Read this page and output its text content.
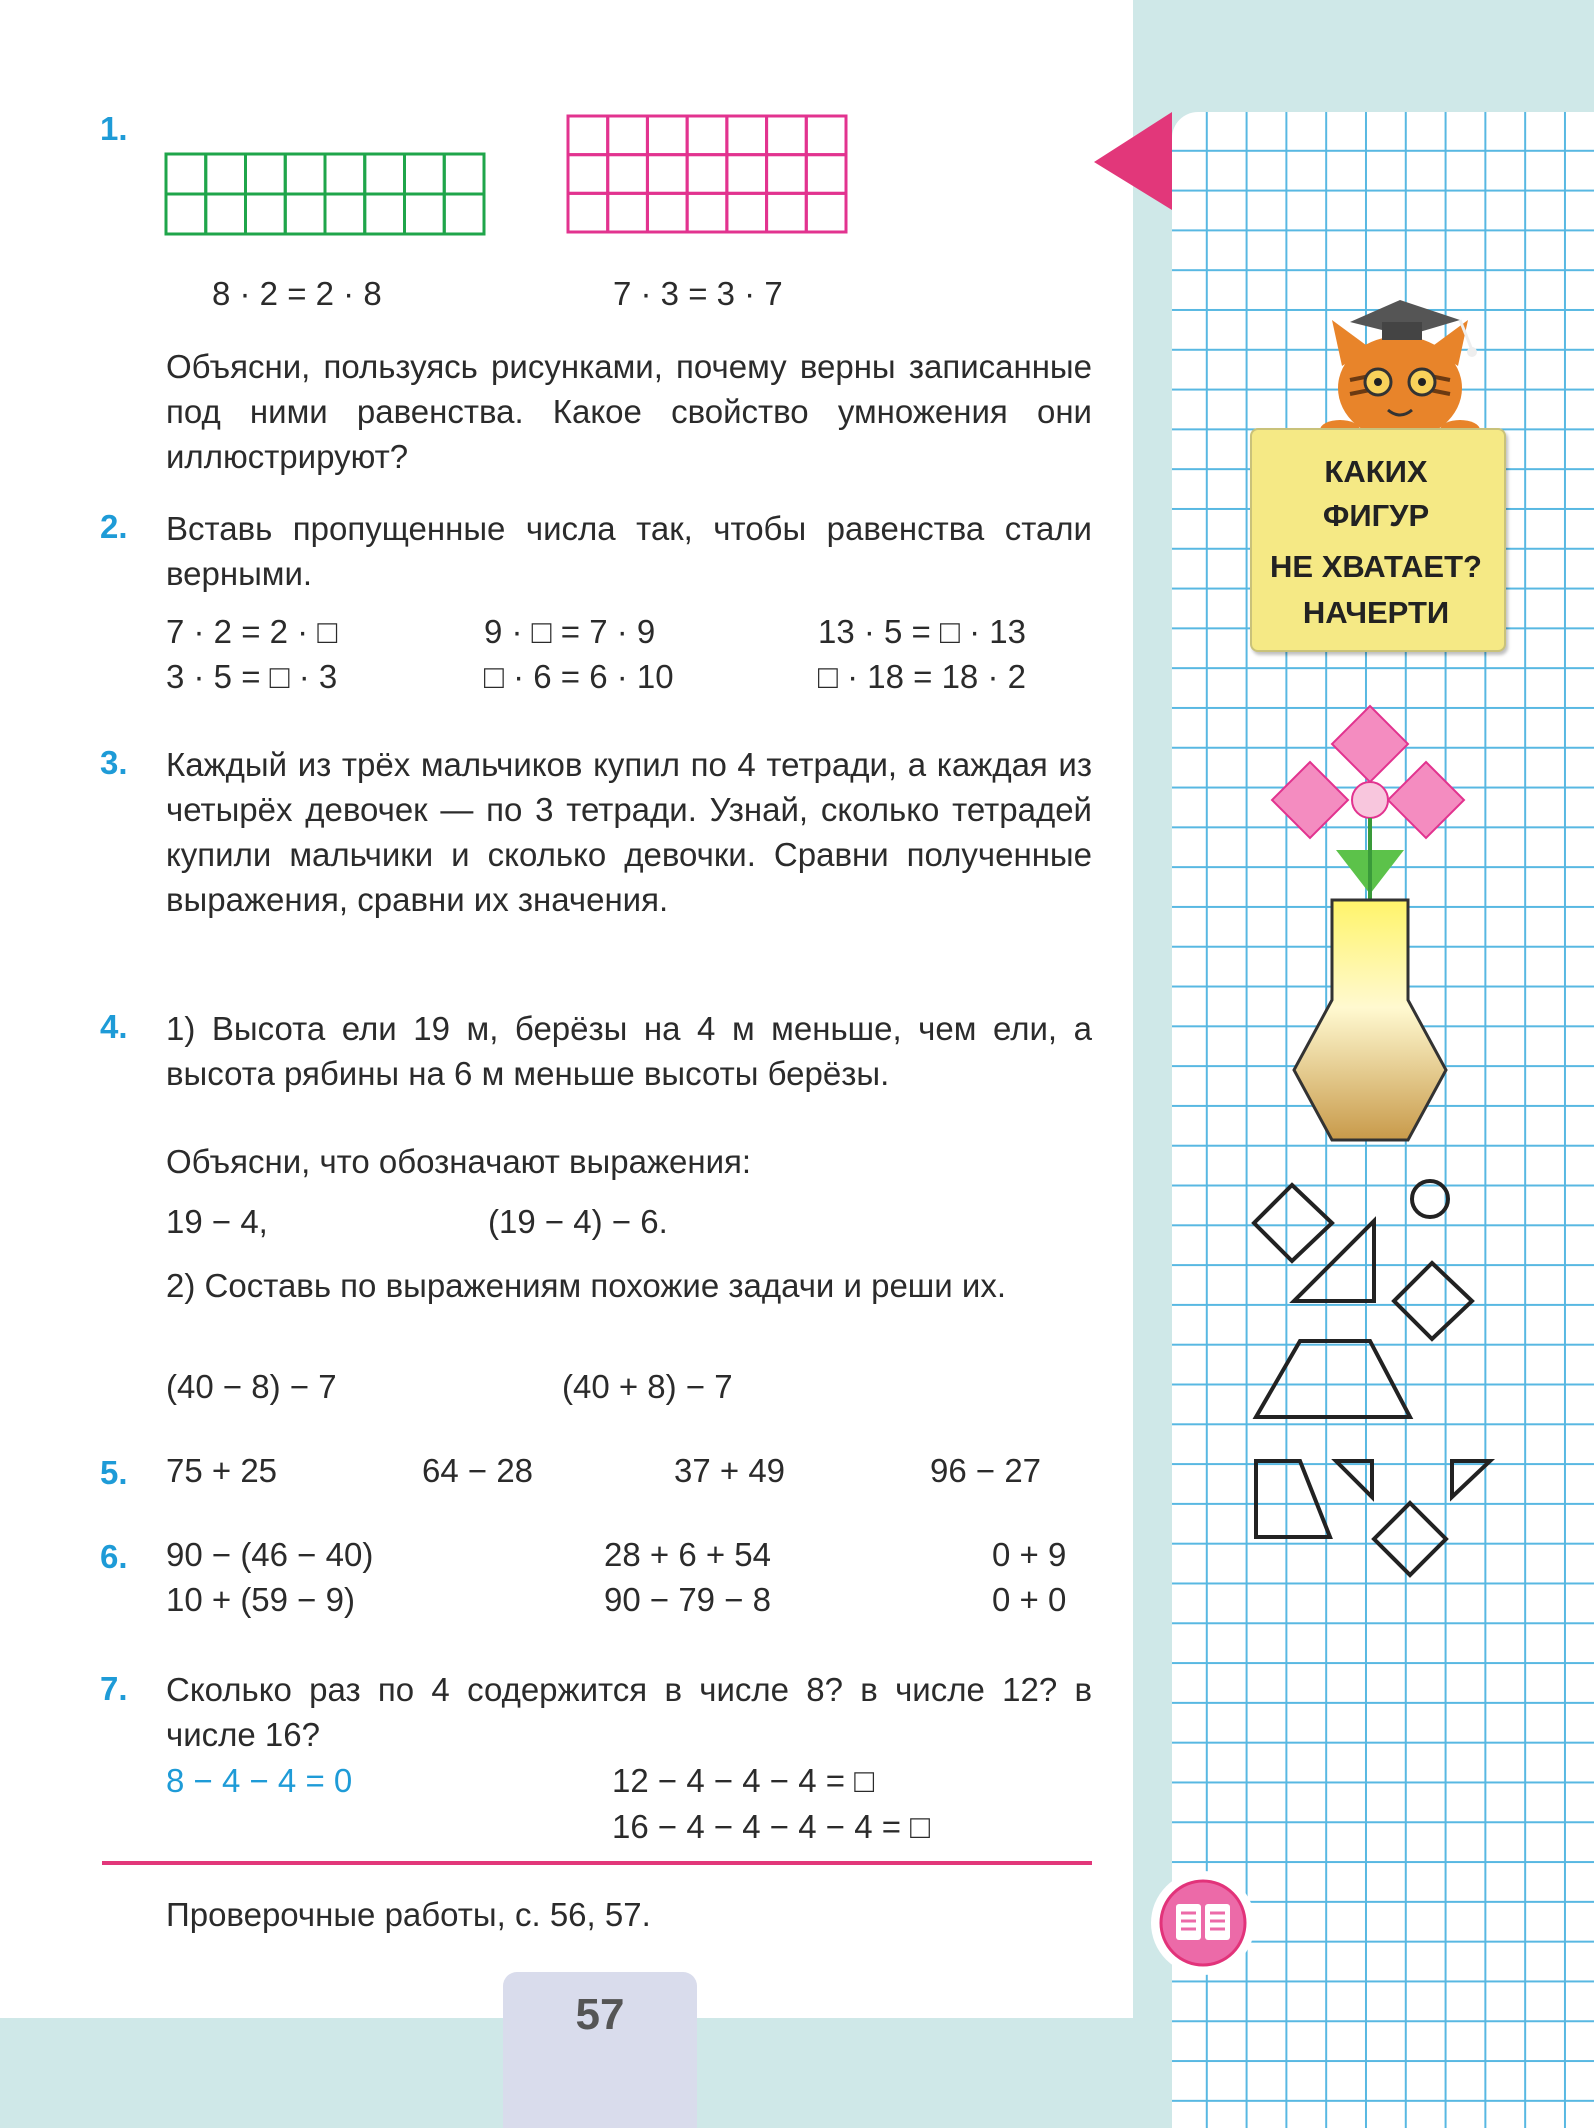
1.
8 · 2 = 2 · 8	7 · 3 = 3 · 7
Объясни, пользуясь рисунками, почему верны записанные под ними равенства. Какое свойство умножения они иллюстрируют?
2. Вставь пропущенные числа так, чтобы равенства стали верными.
7 · 2 = 2 · □	9 · □ = 7 · 9	13 · 5 = □ · 13
3 · 5 = □ · 3	□ · 6 = 6 · 10	□ · 18 = 18 · 2
3. Каждый из трёх мальчиков купил по 4 тетради, а каждая из четырёх девочек — по 3 тетради. Узнай, сколько тетрадей купили мальчики и сколько девочки. Сравни полученные выражения, сравни их значения.
4. 1) Высота ели 19 м, берёзы на 4 м меньше, чем ели, а высота рябины на 6 м меньше высоты берёзы.
Объясни, что обозначают выражения:
19 − 4,	(19 − 4) − 6.
2) Составь по выражениям похожие задачи и реши их.
(40 − 8) − 7	(40 + 8) − 7
5. 75 + 25	64 − 28	37 + 49	96 − 27
6. 90 − (46 − 40)	28 + 6 + 54	0 + 9
10 + (59 − 9)	90 − 79 − 8	0 + 0
7. Сколько раз по 4 содержится в числе 8? в числе 12? в числе 16?
8 − 4 − 4 = 0	12 − 4 − 4 − 4 = □
16 − 4 − 4 − 4 − 4 = □
Проверочные работы, с. 56, 57.
57
КАКИХ
ФИГУР
НЕ ХВАТАЕТ?
НАЧЕРТИ
